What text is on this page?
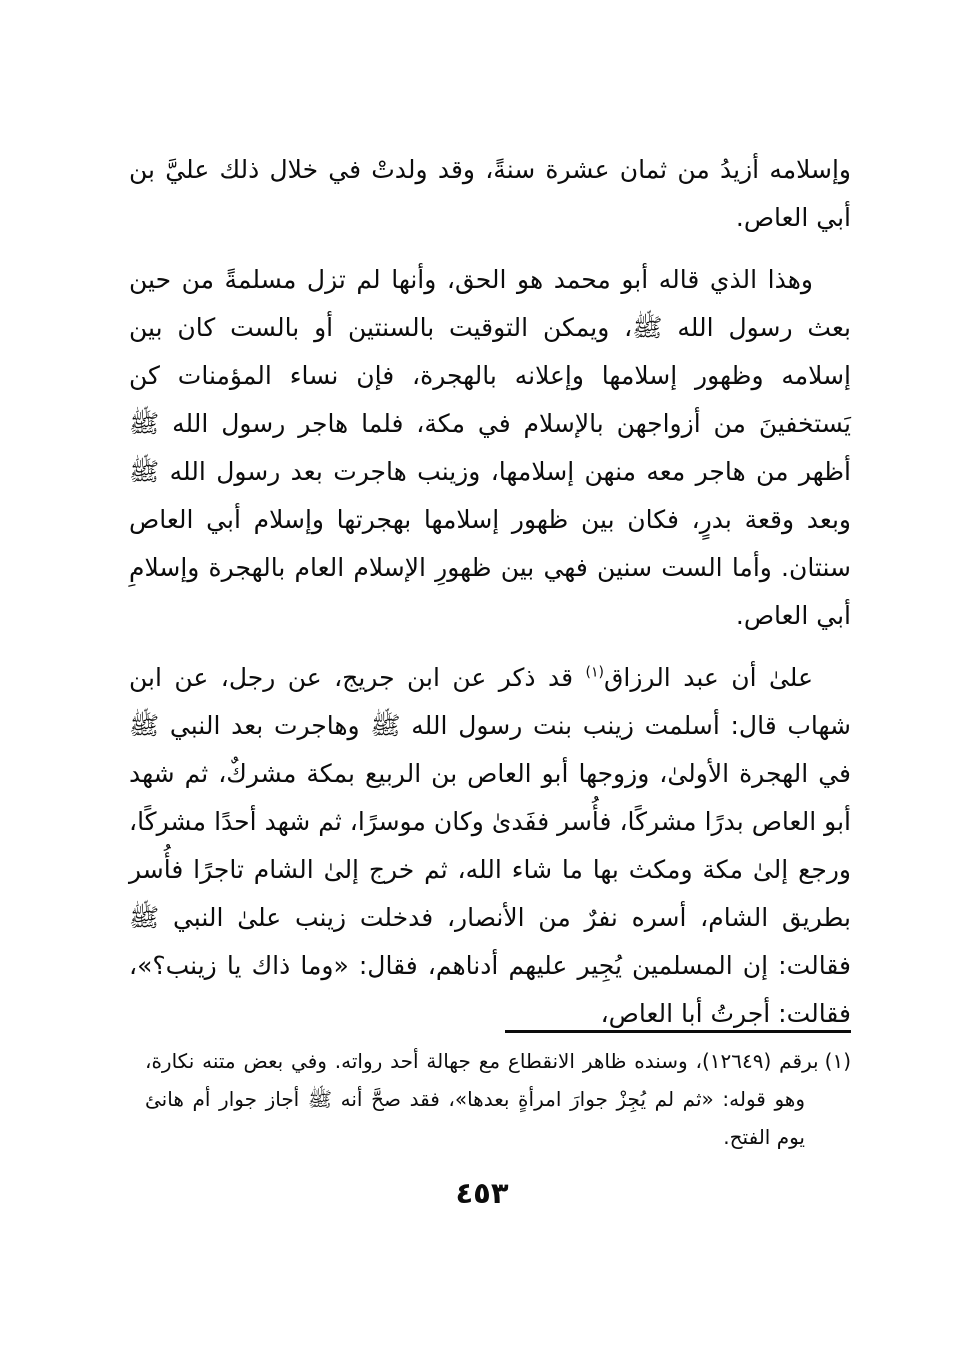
وإسلامه أزيدُ من ثمان عشرة سنةً، وقد ولدتْ في خلال ذلك عليَّ بن أبي العاص.

وهذا الذي قاله أبو محمد هو الحق، وأنها لم تزل مسلمةً من حين بعث رسول الله ﷺ، ويمكن التوقيت بالسنتين أو بالست كان بين إسلامه وظهور إسلامها وإعلانه بالهجرة، فإن نساء المؤمنات كن يَستخفينَ من أزواجهن بالإسلام في مكة، فلما هاجر رسول الله ﷺ أظهر من هاجر معه منهن إسلامها، وزينب هاجرت بعد رسول الله ﷺ وبعد وقعة بدرٍ، فكان بين ظهور إسلامها بهجرتها وإسلام أبي العاص سنتان. وأما الست سنين فهي بين ظهورِ الإسلام العام بالهجرة وإسلامِ أبي العاص.

علىٰ أن عبد الرزاق$^{(١)}$ قد ذكر عن ابن جريج، عن رجل، عن ابن شهاب قال: أسلمت زينب بنت رسول الله ﷺ وهاجرت بعد النبي ﷺ في الهجرة الأولىٰ، وزوجها أبو العاص بن الربيع بمكة مشركٌ، ثم شهد أبو العاص بدرًا مشركًا، فأُسر ففَدىٰ وكان موسرًا، ثم شهد أحدًا مشركًا، ورجع إلىٰ مكة ومكث بها ما شاء الله، ثم خرج إلىٰ الشام تاجرًا فأُسر بطريق الشام، أسره نفرٌ من الأنصار، فدخلت زينب علىٰ النبي ﷺ فقالت: إن المسلمين يُجِير عليهم أدناهم، فقال: «وما ذاك يا زينب؟»، فقالت: أجرتُ أبا العاص،

(١)برقم (١٢٦٤٩)، وسنده ظاهر الانقطاع مع جهالة أحد رواته. وفي بعض متنه نكارة، وهو قوله: «ثم لم يُجِزْ جوارَ امرأةٍ بعدها»، فقد صحَّ أنه ﷺ أجاز جوار أم هانئ يوم الفتح.

٤٥٣
